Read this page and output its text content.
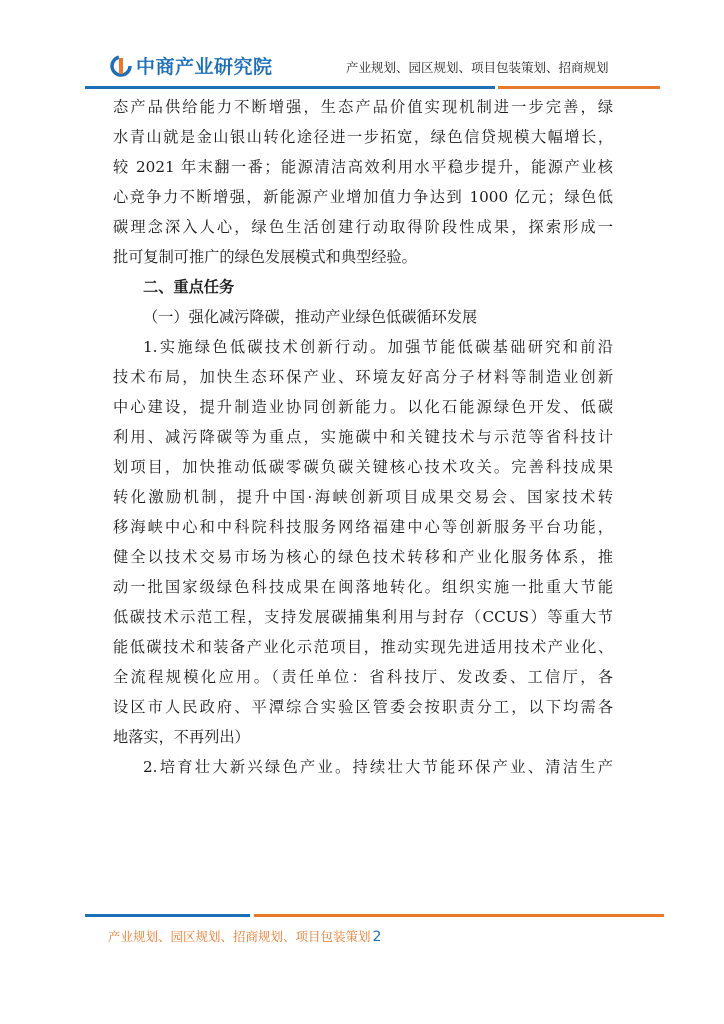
中商产业研究院	产业规划、园区规划、项目包装策划、招商规划

态产品供给能力不断增强，生态产品价值实现机制进一步完善，绿

水青山就是金山银山转化途径进一步拓宽，绿色信贷规模大幅增长，

较 2021 年末翻一番；能源清洁高效利用水平稳步提升，能源产业核

心竞争力不断增强，新能源产业增加值力争达到 1000 亿元；绿色低

碳理念深入人心，绿色生活创建行动取得阶段性成果，探索形成一

批可复制可推广的绿色发展模式和典型经验。

二、重点任务

（一）强化减污降碳，推动产业绿色低碳循环发展

1.实施绿色低碳技术创新行动。加强节能低碳基础研究和前沿

技术布局，加快生态环保产业、环境友好高分子材料等制造业创新

中心建设，提升制造业协同创新能力。以化石能源绿色开发、低碳

利用、减污降碳等为重点，实施碳中和关键技术与示范等省科技计

划项目，加快推动低碳零碳负碳关键核心技术攻关。完善科技成果

转化激励机制，提升中国·海峡创新项目成果交易会、国家技术转

移海峡中心和中科院科技服务网络福建中心等创新服务平台功能，

健全以技术交易市场为核心的绿色技术转移和产业化服务体系，推

动一批国家级绿色科技成果在闽落地转化。组织实施一批重大节能

低碳技术示范工程，支持发展碳捕集利用与封存（CCUS）等重大节

能低碳技术和装备产业化示范项目，推动实现先进适用技术产业化、

全流程规模化应用。（责任单位：省科技厅、发改委、工信厅，各

设区市人民政府、平潭综合实验区管委会按职责分工，以下均需各

地落实，不再列出）

2.培育壮大新兴绿色产业。持续壮大节能环保产业、清洁生产

产业规划、园区规划、招商规划、项目包装策划 2
